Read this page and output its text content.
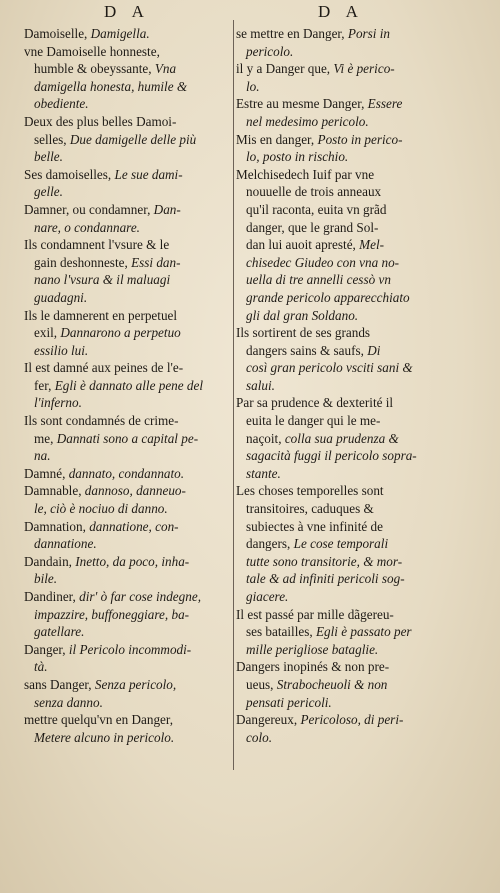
D A	D A
Damoiselle, Damigella.
vne Damoiselle honneste,
humble & obeyssante, Vna
damigella honesta, humile &
obediente.
Deux des plus belles Damoi-
selles, Due damigelle delle più
belle.
Ses damoiselles, Le sue dami-
gelle.
Damner, ou condamner, Dan-
nare, o condannare.
Ils condamnent l'vsure & le
gain deshonneste, Essi dan-
nano l'vsura & il maluagi
guadagni.
Ils le damnerent en perpetuel
exil, Dannarono a perpetuo
essilio lui.
Il est damné aux peines de l'e-
fer, Egli è dannato alle pene del
l'inferno.
Ils sont condamnés de crime-
me, Dannati sono a capital pe-
na.
Damné, dannato, condannato.
Damnable, dannoso, danneuo-
le, ciò è nociuo di danno.
Damnation, dannatione, con-
dannatione.
Dandain, Inetto, da poco, inha-
bile.
Dandiner, dir' ò far cose indegne,
impazzire, buffoneggiare, ba-
gatellare.
Danger, il Pericolo incommodi-
tà.
sans Danger, Senza pericolo,
senza danno.
mettre quelqu'vn en Danger,
Metere alcuno in pericolo.
se mettre en Danger, Porsi in
pericolo.
il y a Danger que, Vi è perico-
lo.
Estre au mesme Danger, Essere
nel medesimo pericolo.
Mis en danger, Posto in perico-
lo, posto in rischio.
Melchisedech Iuif par vne
nouuelle de trois anneaux
qu'il raconta, euita vn grãd
danger, que le grand Sol-
dan lui auoit apresté, Mel-
chisedec Giudeo con vna no-
uella di tre annelli cessò vn
grande pericolo apparecchiato
gli dal gran Soldano.
Ils sortirent de ses grands
dangers sains & saufs, Di
così gran pericolo vsciti sani &
salui.
Par sa prudence & dexterité il
euita le danger qui le me-
naçoit, colla sua prudenza &
sagacità fuggi il pericolo sopra-
stante.
Les choses temporelles sont
transitoires, caduques &
subiectes à vne infinité de
dangers, Le cose temporali
tutte sono transitorie, & mor-
tale & ad infiniti pericoli sog-
giacere.
Il est passé par mille dãgereu-
ses batailles, Egli è passato per
mille perigliose bataglie.
Dangers inopinés & non pre-
ueus, Strabocheuoli & non
pensati pericoli.
Dangereux, Pericoloso, di peri-
colo.
